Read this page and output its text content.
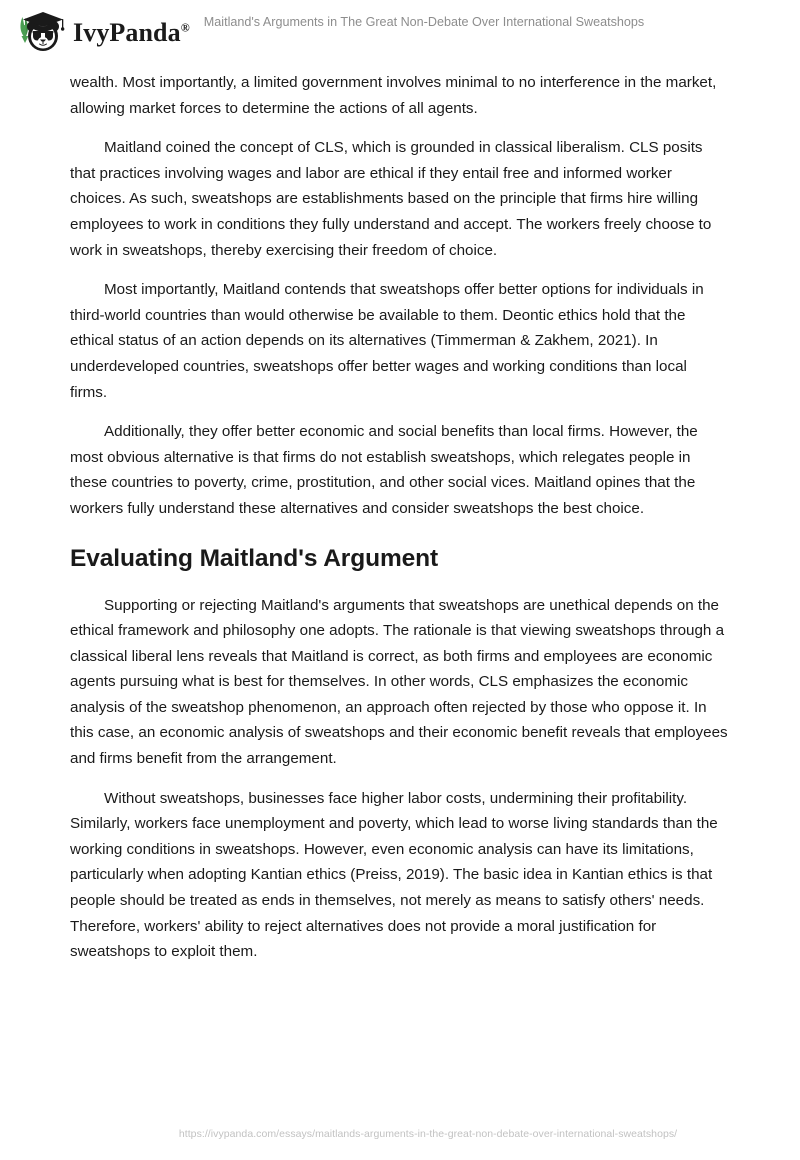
IvyPanda®	Maitland's Arguments in The Great Non-Debate Over International Sweatshops

wealth. Most importantly, a limited government involves minimal to no interference in the market, allowing market forces to determine the actions of all agents.

Maitland coined the concept of CLS, which is grounded in classical liberalism. CLS posits that practices involving wages and labor are ethical if they entail free and informed worker choices. As such, sweatshops are establishments based on the principle that firms hire willing employees to work in conditions they fully understand and accept. The workers freely choose to work in sweatshops, thereby exercising their freedom of choice.

Most importantly, Maitland contends that sweatshops offer better options for individuals in third-world countries than would otherwise be available to them. Deontic ethics hold that the ethical status of an action depends on its alternatives (Timmerman & Zakhem, 2021). In underdeveloped countries, sweatshops offer better wages and working conditions than local firms.

Additionally, they offer better economic and social benefits than local firms. However, the most obvious alternative is that firms do not establish sweatshops, which relegates people in these countries to poverty, crime, prostitution, and other social vices. Maitland opines that the workers fully understand these alternatives and consider sweatshops the best choice.

Evaluating Maitland's Argument

Supporting or rejecting Maitland's arguments that sweatshops are unethical depends on the ethical framework and philosophy one adopts. The rationale is that viewing sweatshops through a classical liberal lens reveals that Maitland is correct, as both firms and employees are economic agents pursuing what is best for themselves. In other words, CLS emphasizes the economic analysis of the sweatshop phenomenon, an approach often rejected by those who oppose it. In this case, an economic analysis of sweatshops and their economic benefit reveals that employees and firms benefit from the arrangement.

Without sweatshops, businesses face higher labor costs, undermining their profitability. Similarly, workers face unemployment and poverty, which lead to worse living standards than the working conditions in sweatshops. However, even economic analysis can have its limitations, particularly when adopting Kantian ethics (Preiss, 2019). The basic idea in Kantian ethics is that people should be treated as ends in themselves, not merely as means to satisfy others' needs. Therefore, workers' ability to reject alternatives does not provide a moral justification for sweatshops to exploit them.

https://ivypanda.com/essays/maitlands-arguments-in-the-great-non-debate-over-international-sweatshops/
